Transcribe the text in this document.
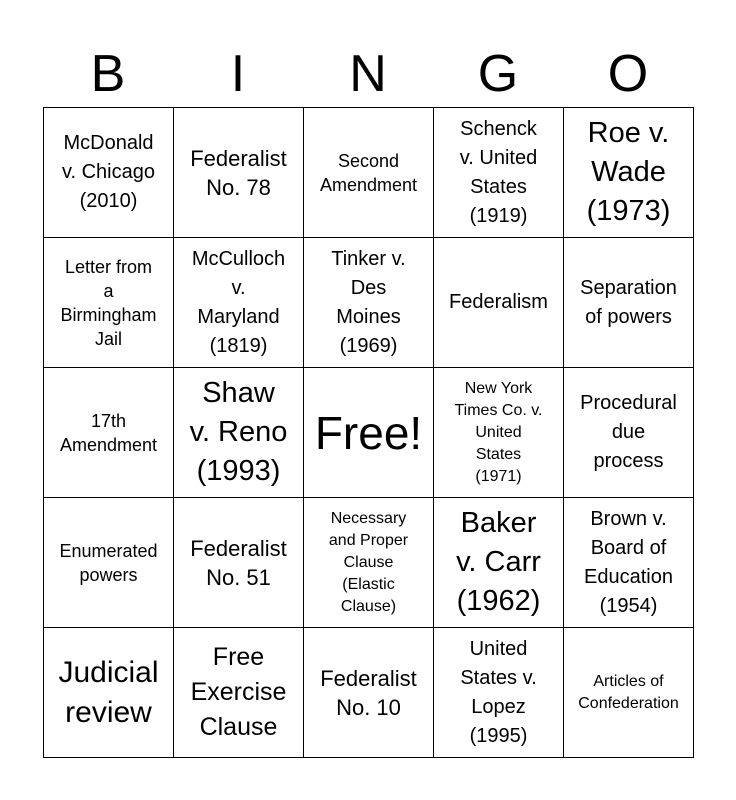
B	I	N	G	O
McDonald
v. Chicago
(2010)	Federalist
No. 78	Second
Amendment	Schenck
v. United
States
(1919)	Roe v.
Wade
(1973)

Letter from
a
Birmingham
Jail	McCulloch
v.
Maryland
(1819)	Tinker v.
Des
Moines
(1969)	Federalism	Separation
of powers

17th
Amendment	Shaw
v. Reno
(1993)	Free!	New York
Times Co. v.
United
States
(1971)	Procedural
due
process

Enumerated
powers	Federalist
No. 51	Necessary
and Proper
Clause
(Elastic
Clause)	Baker
v. Carr
(1962)	Brown v.
Board of
Education
(1954)

Judicial
review	Free
Exercise
Clause	Federalist
No. 10	United
States v.
Lopez
(1995)	Articles of
Confederation
